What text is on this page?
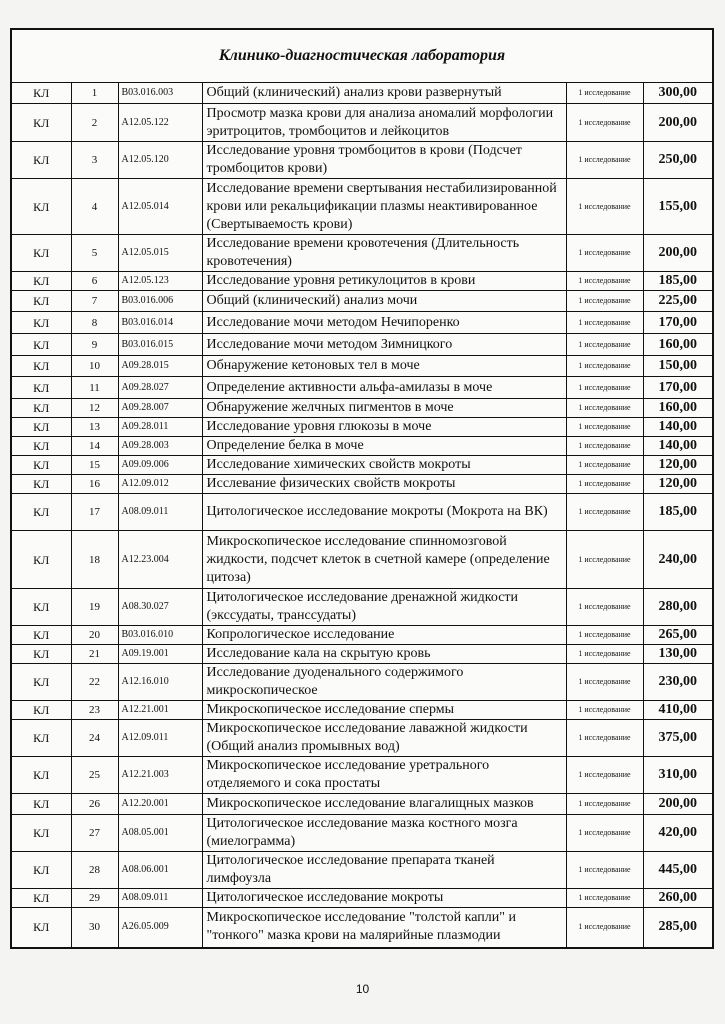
Клинико-диагностическая лаборатория					
КЛ	1	B03.016.003	Общий (клинический) анализ крови развернутый	1 исследование	300,00
КЛ	2	A12.05.122	Просмотр мазка крови для анализа аномалий морфологии эритроцитов, тромбоцитов и лейкоцитов	1 исследование	200,00
КЛ	3	A12.05.120	Исследование уровня тромбоцитов в крови (Подсчет тромбоцитов крови)	1 исследование	250,00
КЛ	4	A12.05.014	Исследование времени свертывания нестабилизированной крови или рекальцификации плазмы неактивированное (Свертываемость крови)	1 исследование	155,00
КЛ	5	A12.05.015	Исследование времени кровотечения (Длительность кровотечения)	1 исследование	200,00
КЛ	6	A12.05.123	Исследование уровня ретикулоцитов в крови	1 исследование	185,00
КЛ	7	B03.016.006	Общий (клинический) анализ мочи	1 исследование	225,00
КЛ	8	B03.016.014	Исследование мочи методом Нечипоренко	1 исследование	170,00
КЛ	9	B03.016.015	Исследование мочи методом Зимницкого	1 исследование	160,00
КЛ	10	A09.28.015	Обнаружение кетоновых тел в моче	1 исследование	150,00
КЛ	11	A09.28.027	Определение активности альфа-амилазы в моче	1 исследование	170,00
КЛ	12	A09.28.007	Обнаружение желчных пигментов в моче	1 исследование	160,00
КЛ	13	A09.28.011	Исследование уровня глюкозы в моче	1 исследование	140,00
КЛ	14	A09.28.003	Определение белка в моче	1 исследование	140,00
КЛ	15	A09.09.006	Исследование химических свойств мокроты	1 исследование	120,00
КЛ	16	A12.09.012	Исслевание физических свойств мокроты	1 исследование	120,00
КЛ	17	A08.09.011	Цитологическое исследование мокроты (Мокрота на ВК)	1 исследование	185,00
КЛ	18	A12.23.004	Микроскопическое исследование спинномозговой жидкости, подсчет клеток в счетной камере (определение цитоза)	1 исследование	240,00
КЛ	19	A08.30.027	Цитологическое исследование дренажной жидкости (экссудаты, транссудаты)	1 исследование	280,00
КЛ	20	B03.016.010	Копрологическое исследование	1 исследование	265,00
КЛ	21	A09.19.001	Исследование кала на скрытую кровь	1 исследование	130,00
КЛ	22	A12.16.010	Исследование дуоденального содержимого микроскопическое	1 исследование	230,00
КЛ	23	A12.21.001	Микроскопическое исследование спермы	1 исследование	410,00
КЛ	24	A12.09.011	Микроскопическое исследование лаважной жидкости (Общий анализ промывных вод)	1 исследование	375,00
КЛ	25	A12.21.003	Микроскопическое исследование уретрального отделяемого и сока простаты	1 исследование	310,00
КЛ	26	A12.20.001	Микроскопическое исследование влагалищных мазков	1 исследование	200,00
КЛ	27	A08.05.001	Цитологическое исследование мазка костного мозга (миелограмма)	1 исследование	420,00
КЛ	28	A08.06.001	Цитологическое исследование препарата тканей лимфоузла	1 исследование	445,00
КЛ	29	A08.09.011	Цитологическое исследование мокроты	1 исследование	260,00
КЛ	30	A26.05.009	Микроскопическое исследование "толстой капли" и "тонкого" мазка крови на малярийные плазмодии	1 исследование	285,00
10
